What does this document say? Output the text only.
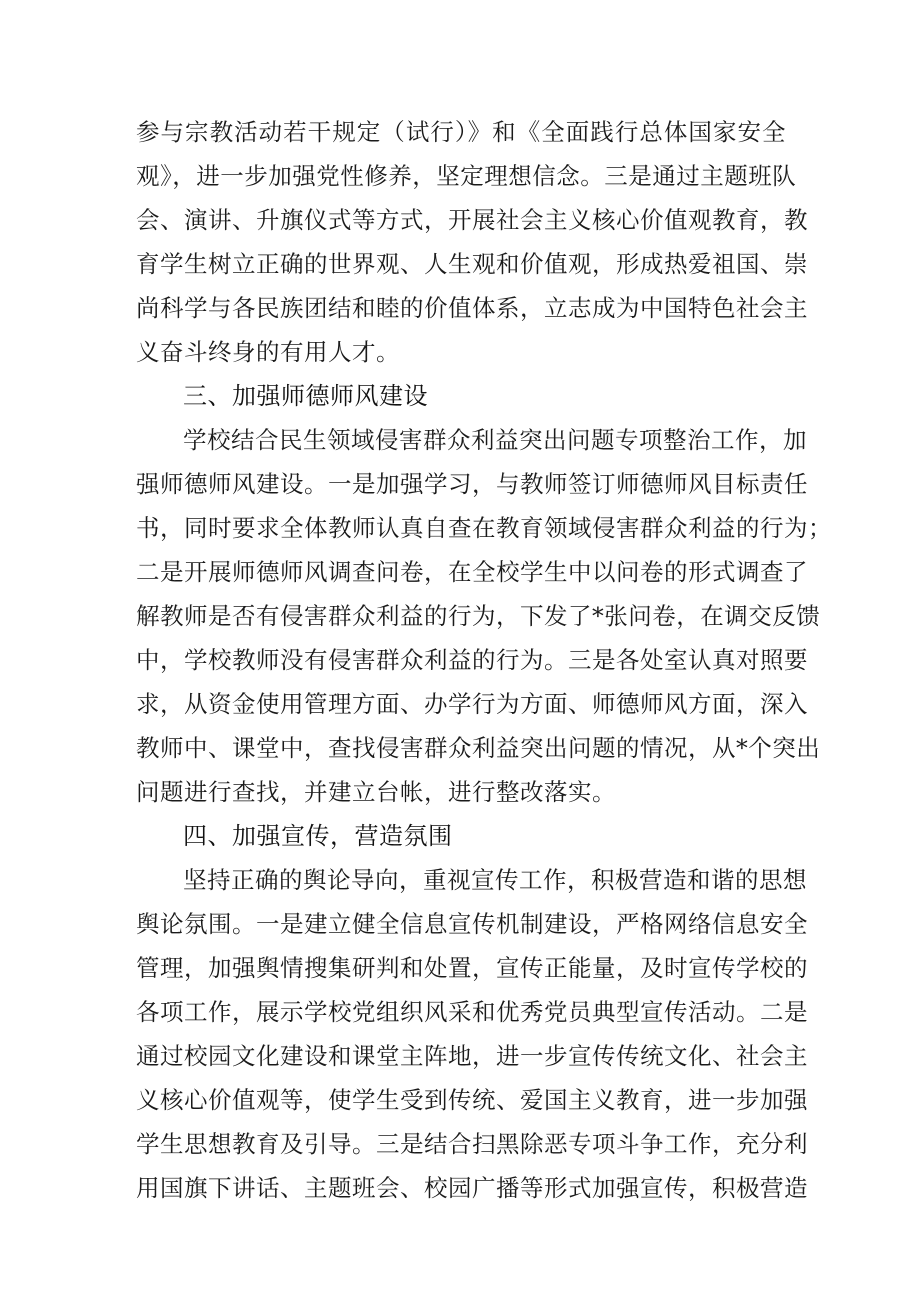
参与宗教活动若干规定（试行）》和《全面践行总体国家安全
观》，进一步加强党性修养，坚定理想信念。三是通过主题班队
会、演讲、升旗仪式等方式，开展社会主义核心价值观教育，教
育学生树立正确的世界观、人生观和价值观，形成热爱祖国、崇
尚科学与各民族团结和睦的价值体系，立志成为中国特色社会主
义奋斗终身的有用人才。
三、加强师德师风建设
学校结合民生领域侵害群众利益突出问题专项整治工作，加
强师德师风建设。一是加强学习，与教师签订师德师风目标责任
书，同时要求全体教师认真自查在教育领域侵害群众利益的行为；
二是开展师德师风调查问卷，在全校学生中以问卷的形式调查了
解教师是否有侵害群众利益的行为，下发了*张问卷，在调交反馈
中，学校教师没有侵害群众利益的行为。三是各处室认真对照要
求，从资金使用管理方面、办学行为方面、师德师风方面，深入
教师中、课堂中，查找侵害群众利益突出问题的情况，从*个突出
问题进行查找，并建立台帐，进行整改落实。
四、加强宣传，营造氛围
坚持正确的舆论导向，重视宣传工作，积极营造和谐的思想
舆论氛围。一是建立健全信息宣传机制建设，严格网络信息安全
管理，加强舆情搜集研判和处置，宣传正能量，及时宣传学校的
各项工作，展示学校党组织风采和优秀党员典型宣传活动。二是
通过校园文化建设和课堂主阵地，进一步宣传传统文化、社会主
义核心价值观等，使学生受到传统、爱国主义教育，进一步加强
学生思想教育及引导。三是结合扫黑除恶专项斗争工作，充分利
用国旗下讲话、主题班会、校园广播等形式加强宣传，积极营造
